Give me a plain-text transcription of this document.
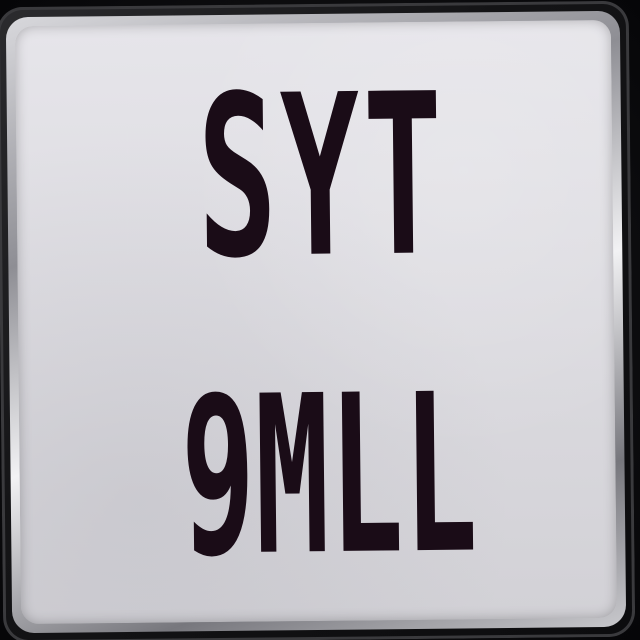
SYT
9MLL
